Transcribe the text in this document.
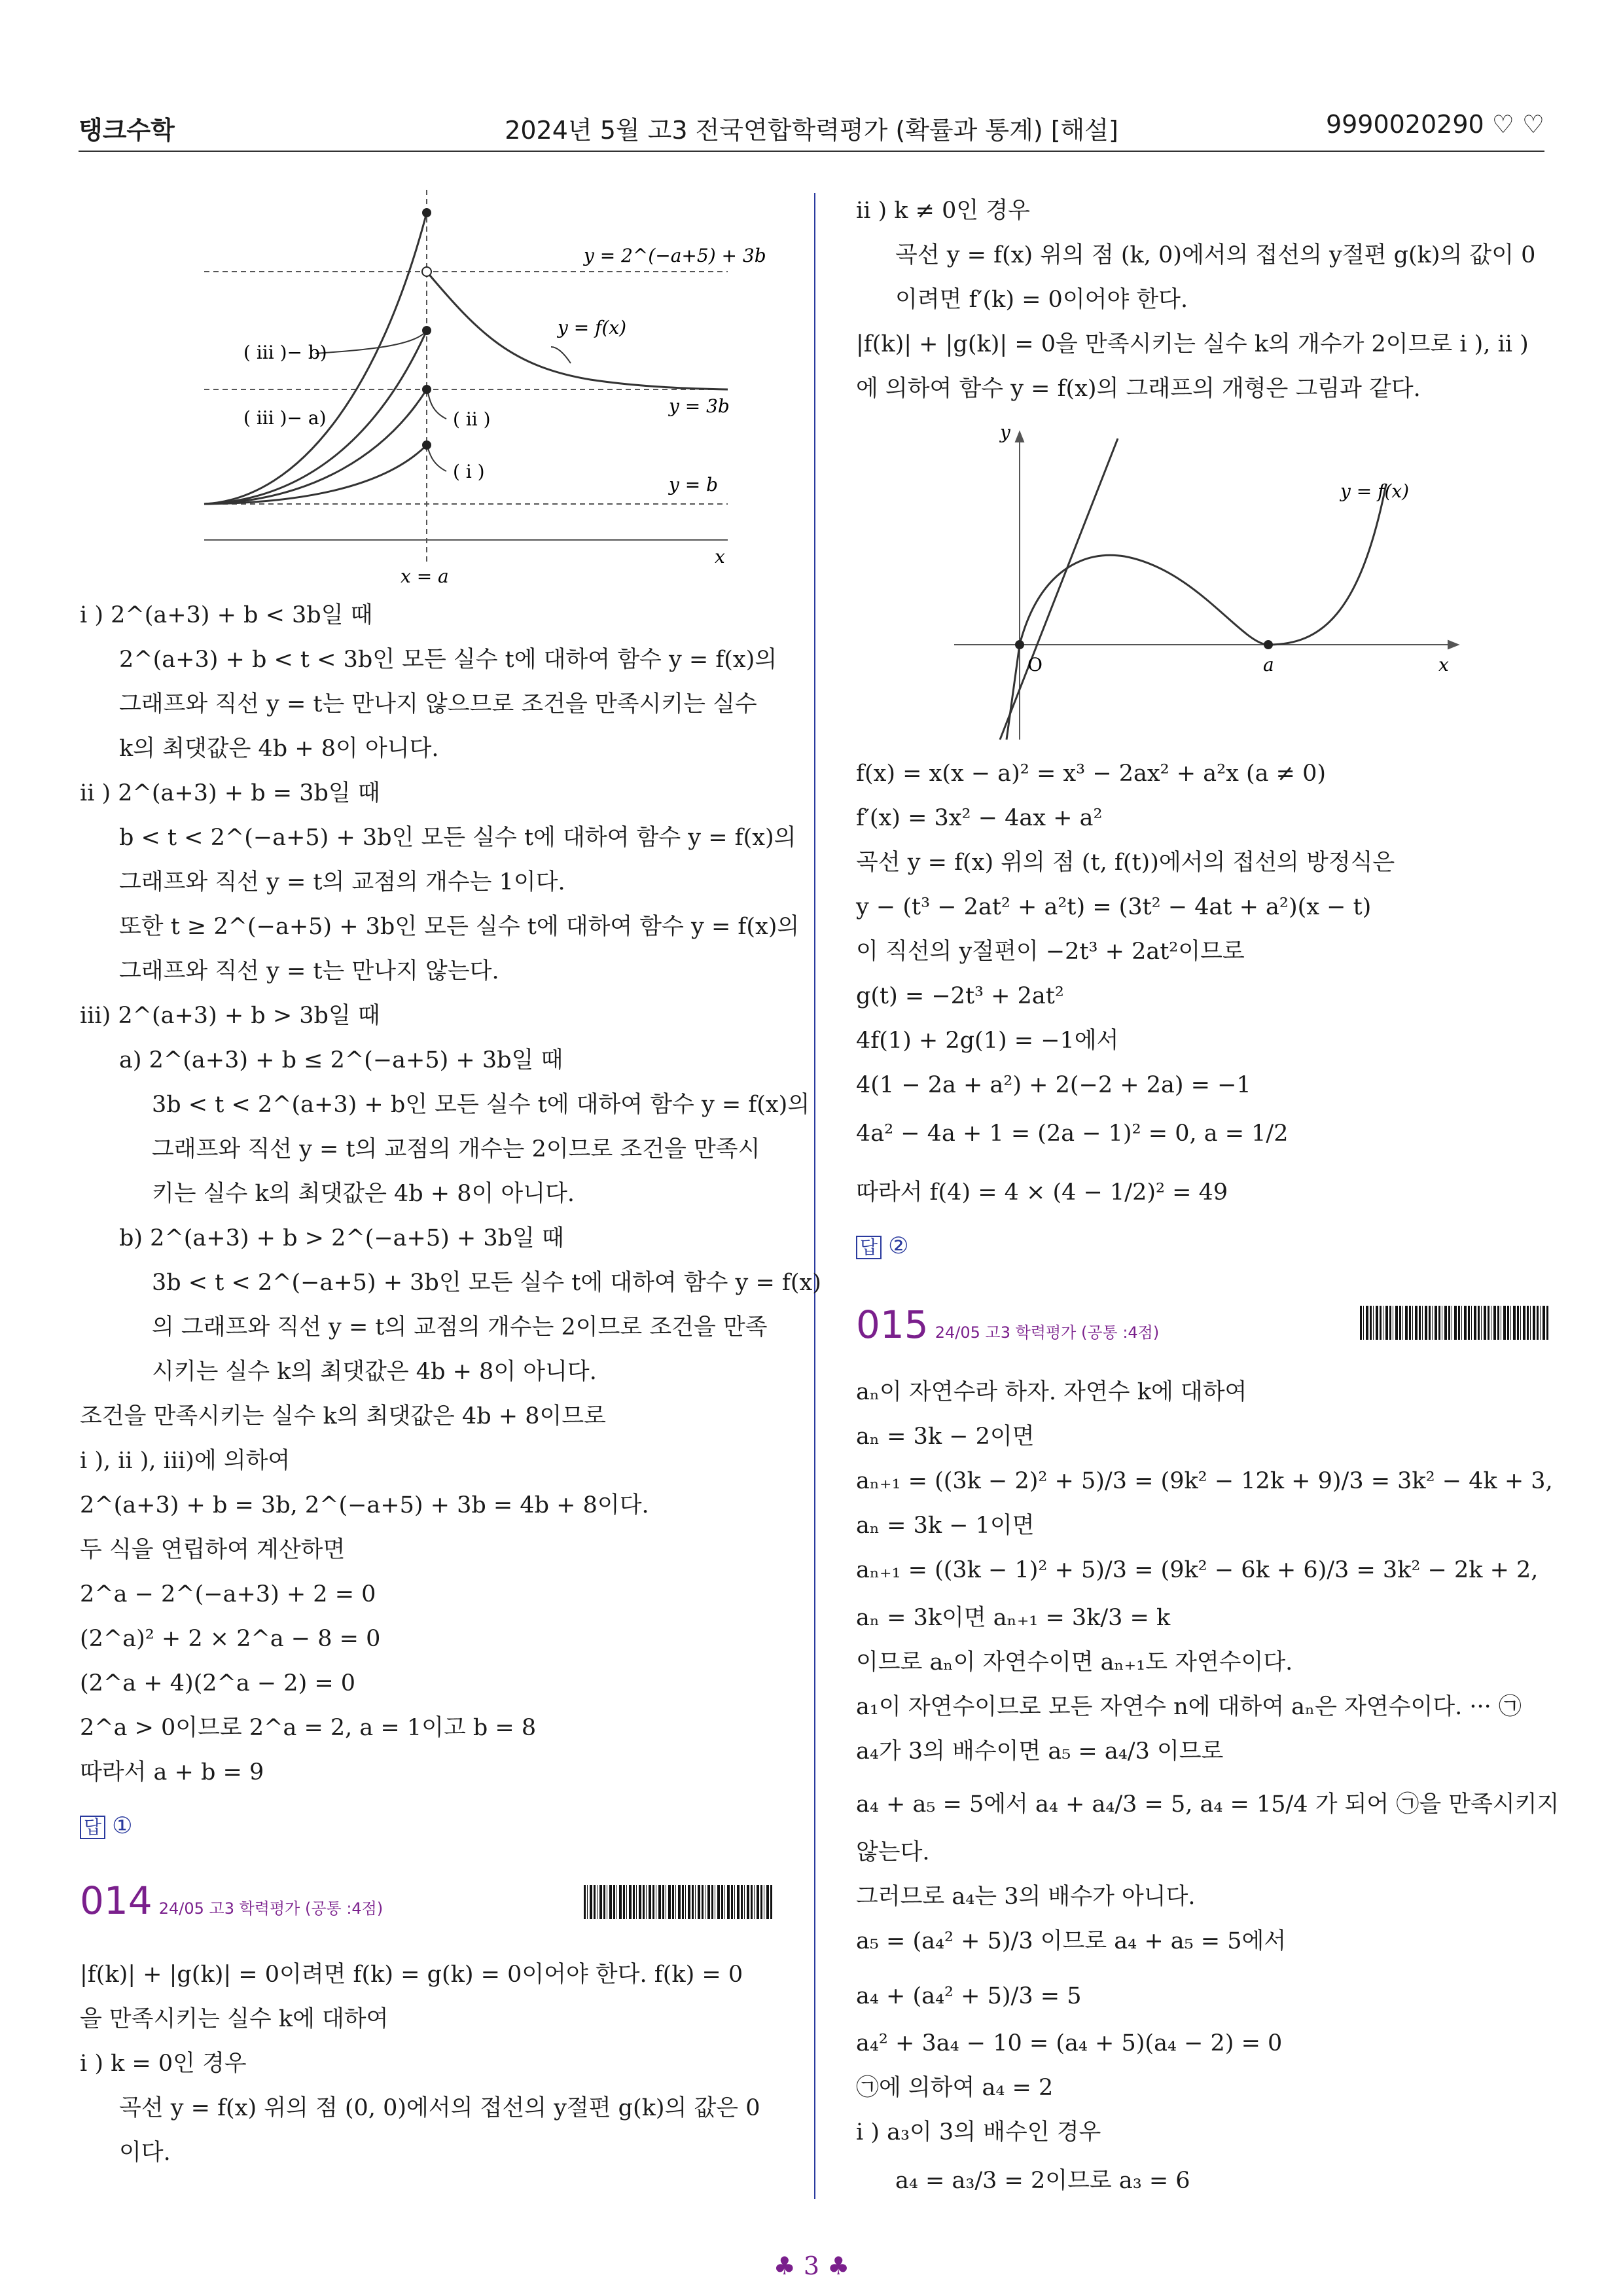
탱크수학	2024년 5월 고3 전국연합학력평가 (확률과 통계) [해설]	9990020290 ♡ ♡
y = 2^(−a+5) + 3b
y = f(x)
y = 3b
y = b
x
x = a
( iii )− b)
( iii )− a)	( ii )
( i )
i ) 2^(a+3) + b < 3b일 때
2^(a+3) + b < t < 3b인 모든 실수 t에 대하여 함수 y = f(x)의
그래프와 직선 y = t는 만나지 않으므로 조건을 만족시키는 실수
k의 최댓값은 4b + 8이 아니다.
ii ) 2^(a+3) + b = 3b일 때
b < t < 2^(−a+5) + 3b인 모든 실수 t에 대하여 함수 y = f(x)의
그래프와 직선 y = t의 교점의 개수는 1이다.
또한 t ≥ 2^(−a+5) + 3b인 모든 실수 t에 대하여 함수 y = f(x)의
그래프와 직선 y = t는 만나지 않는다.
iii) 2^(a+3) + b > 3b일 때
a) 2^(a+3) + b ≤ 2^(−a+5) + 3b일 때
3b < t < 2^(a+3) + b인 모든 실수 t에 대하여 함수 y = f(x)의
그래프와 직선 y = t의 교점의 개수는 2이므로 조건을 만족시
키는 실수 k의 최댓값은 4b + 8이 아니다.
b) 2^(a+3) + b > 2^(−a+5) + 3b일 때
3b < t < 2^(−a+5) + 3b인 모든 실수 t에 대하여 함수 y = f(x)
의 그래프와 직선 y = t의 교점의 개수는 2이므로 조건을 만족
시키는 실수 k의 최댓값은 4b + 8이 아니다.
조건을 만족시키는 실수 k의 최댓값은 4b + 8이므로
i ), ii ), iii)에 의하여
2^(a+3) + b = 3b, 2^(−a+5) + 3b = 4b + 8이다.
두 식을 연립하여 계산하면
2^a − 2^(−a+3) + 2 = 0
(2^a)² + 2 × 2^a − 8 = 0
(2^a + 4)(2^a − 2) = 0
2^a > 0이므로 2^a = 2, a = 1이고 b = 8
따라서 a + b = 9
답 ①
014 24/05 고3 학력평가 (공통 :4점)
|f(k)| + |g(k)| = 0이려면 f(k) = g(k) = 0이어야 한다. f(k) = 0
을 만족시키는 실수 k에 대하여
i ) k = 0인 경우
곡선 y = f(x) 위의 점 (0, 0)에서의 접선의 y절편 g(k)의 값은 0
이다.
ii ) k ≠ 0인 경우
곡선 y = f(x) 위의 점 (k, 0)에서의 접선의 y절편 g(k)의 값이 0
이려면 f′(k) = 0이어야 한다.
|f(k)| + |g(k)| = 0을 만족시키는 실수 k의 개수가 2이므로 i ), ii )
에 의하여 함수 y = f(x)의 그래프의 개형은 그림과 같다.
y
y = f(x)
O	a	x
f(x) = x(x − a)² = x³ − 2ax² + a²x (a ≠ 0)
f′(x) = 3x² − 4ax + a²
곡선 y = f(x) 위의 점 (t, f(t))에서의 접선의 방정식은
y − (t³ − 2at² + a²t) = (3t² − 4at + a²)(x − t)
이 직선의 y절편이 −2t³ + 2at²이므로
g(t) = −2t³ + 2at²
4f(1) + 2g(1) = −1에서
4(1 − 2a + a²) + 2(−2 + 2a) = −1
4a² − 4a + 1 = (2a − 1)² = 0, a = 1/2
따라서 f(4) = 4 × (4 − 1/2)² = 49
답 ②
015 24/05 고3 학력평가 (공통 :4점)
aₙ이 자연수라 하자. 자연수 k에 대하여
aₙ = 3k − 2이면
aₙ₊₁ = ((3k − 2)² + 5)/3 = (9k² − 12k + 9)/3 = 3k² − 4k + 3,
aₙ = 3k − 1이면
aₙ₊₁ = ((3k − 1)² + 5)/3 = (9k² − 6k + 6)/3 = 3k² − 2k + 2,
aₙ = 3k이면 aₙ₊₁ = 3k/3 = k
이므로 aₙ이 자연수이면 aₙ₊₁도 자연수이다.
a₁이 자연수이므로 모든 자연수 n에 대하여 aₙ은 자연수이다. ··· ㉠
a₄가 3의 배수이면 a₅ = a₄/3 이므로
a₄ + a₅ = 5에서 a₄ + a₄/3 = 5, a₄ = 15/4 가 되어 ㉠을 만족시키지
않는다.
그러므로 a₄는 3의 배수가 아니다.
a₅ = (a₄² + 5)/3 이므로 a₄ + a₅ = 5에서
a₄ + (a₄² + 5)/3 = 5
a₄² + 3a₄ − 10 = (a₄ + 5)(a₄ − 2) = 0
㉠에 의하여 a₄ = 2
i ) a₃이 3의 배수인 경우
a₄ = a₃/3 = 2이므로 a₃ = 6
♣ 3 ♣
